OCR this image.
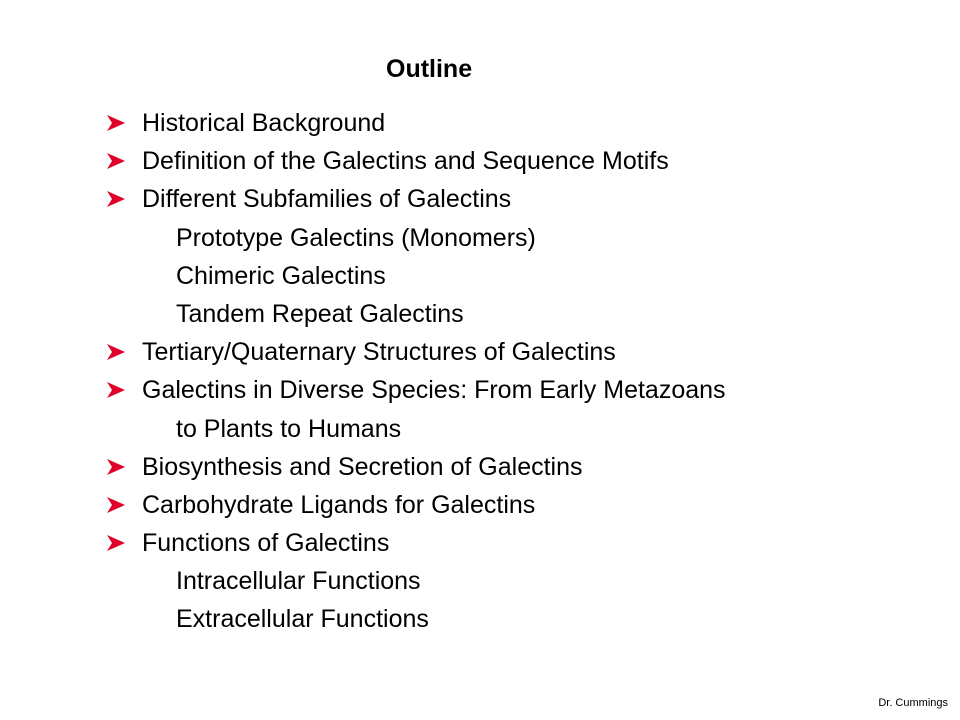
Outline
Historical Background
Definition of the Galectins and Sequence Motifs
Different Subfamilies of Galectins
Prototype Galectins (Monomers)
Chimeric Galectins
Tandem Repeat Galectins
Tertiary/Quaternary Structures of Galectins
Galectins in Diverse Species: From Early Metazoans
to Plants to Humans
Biosynthesis and Secretion of Galectins
Carbohydrate Ligands for Galectins
Functions of Galectins
Intracellular Functions
Extracellular Functions
Dr. Cummings
